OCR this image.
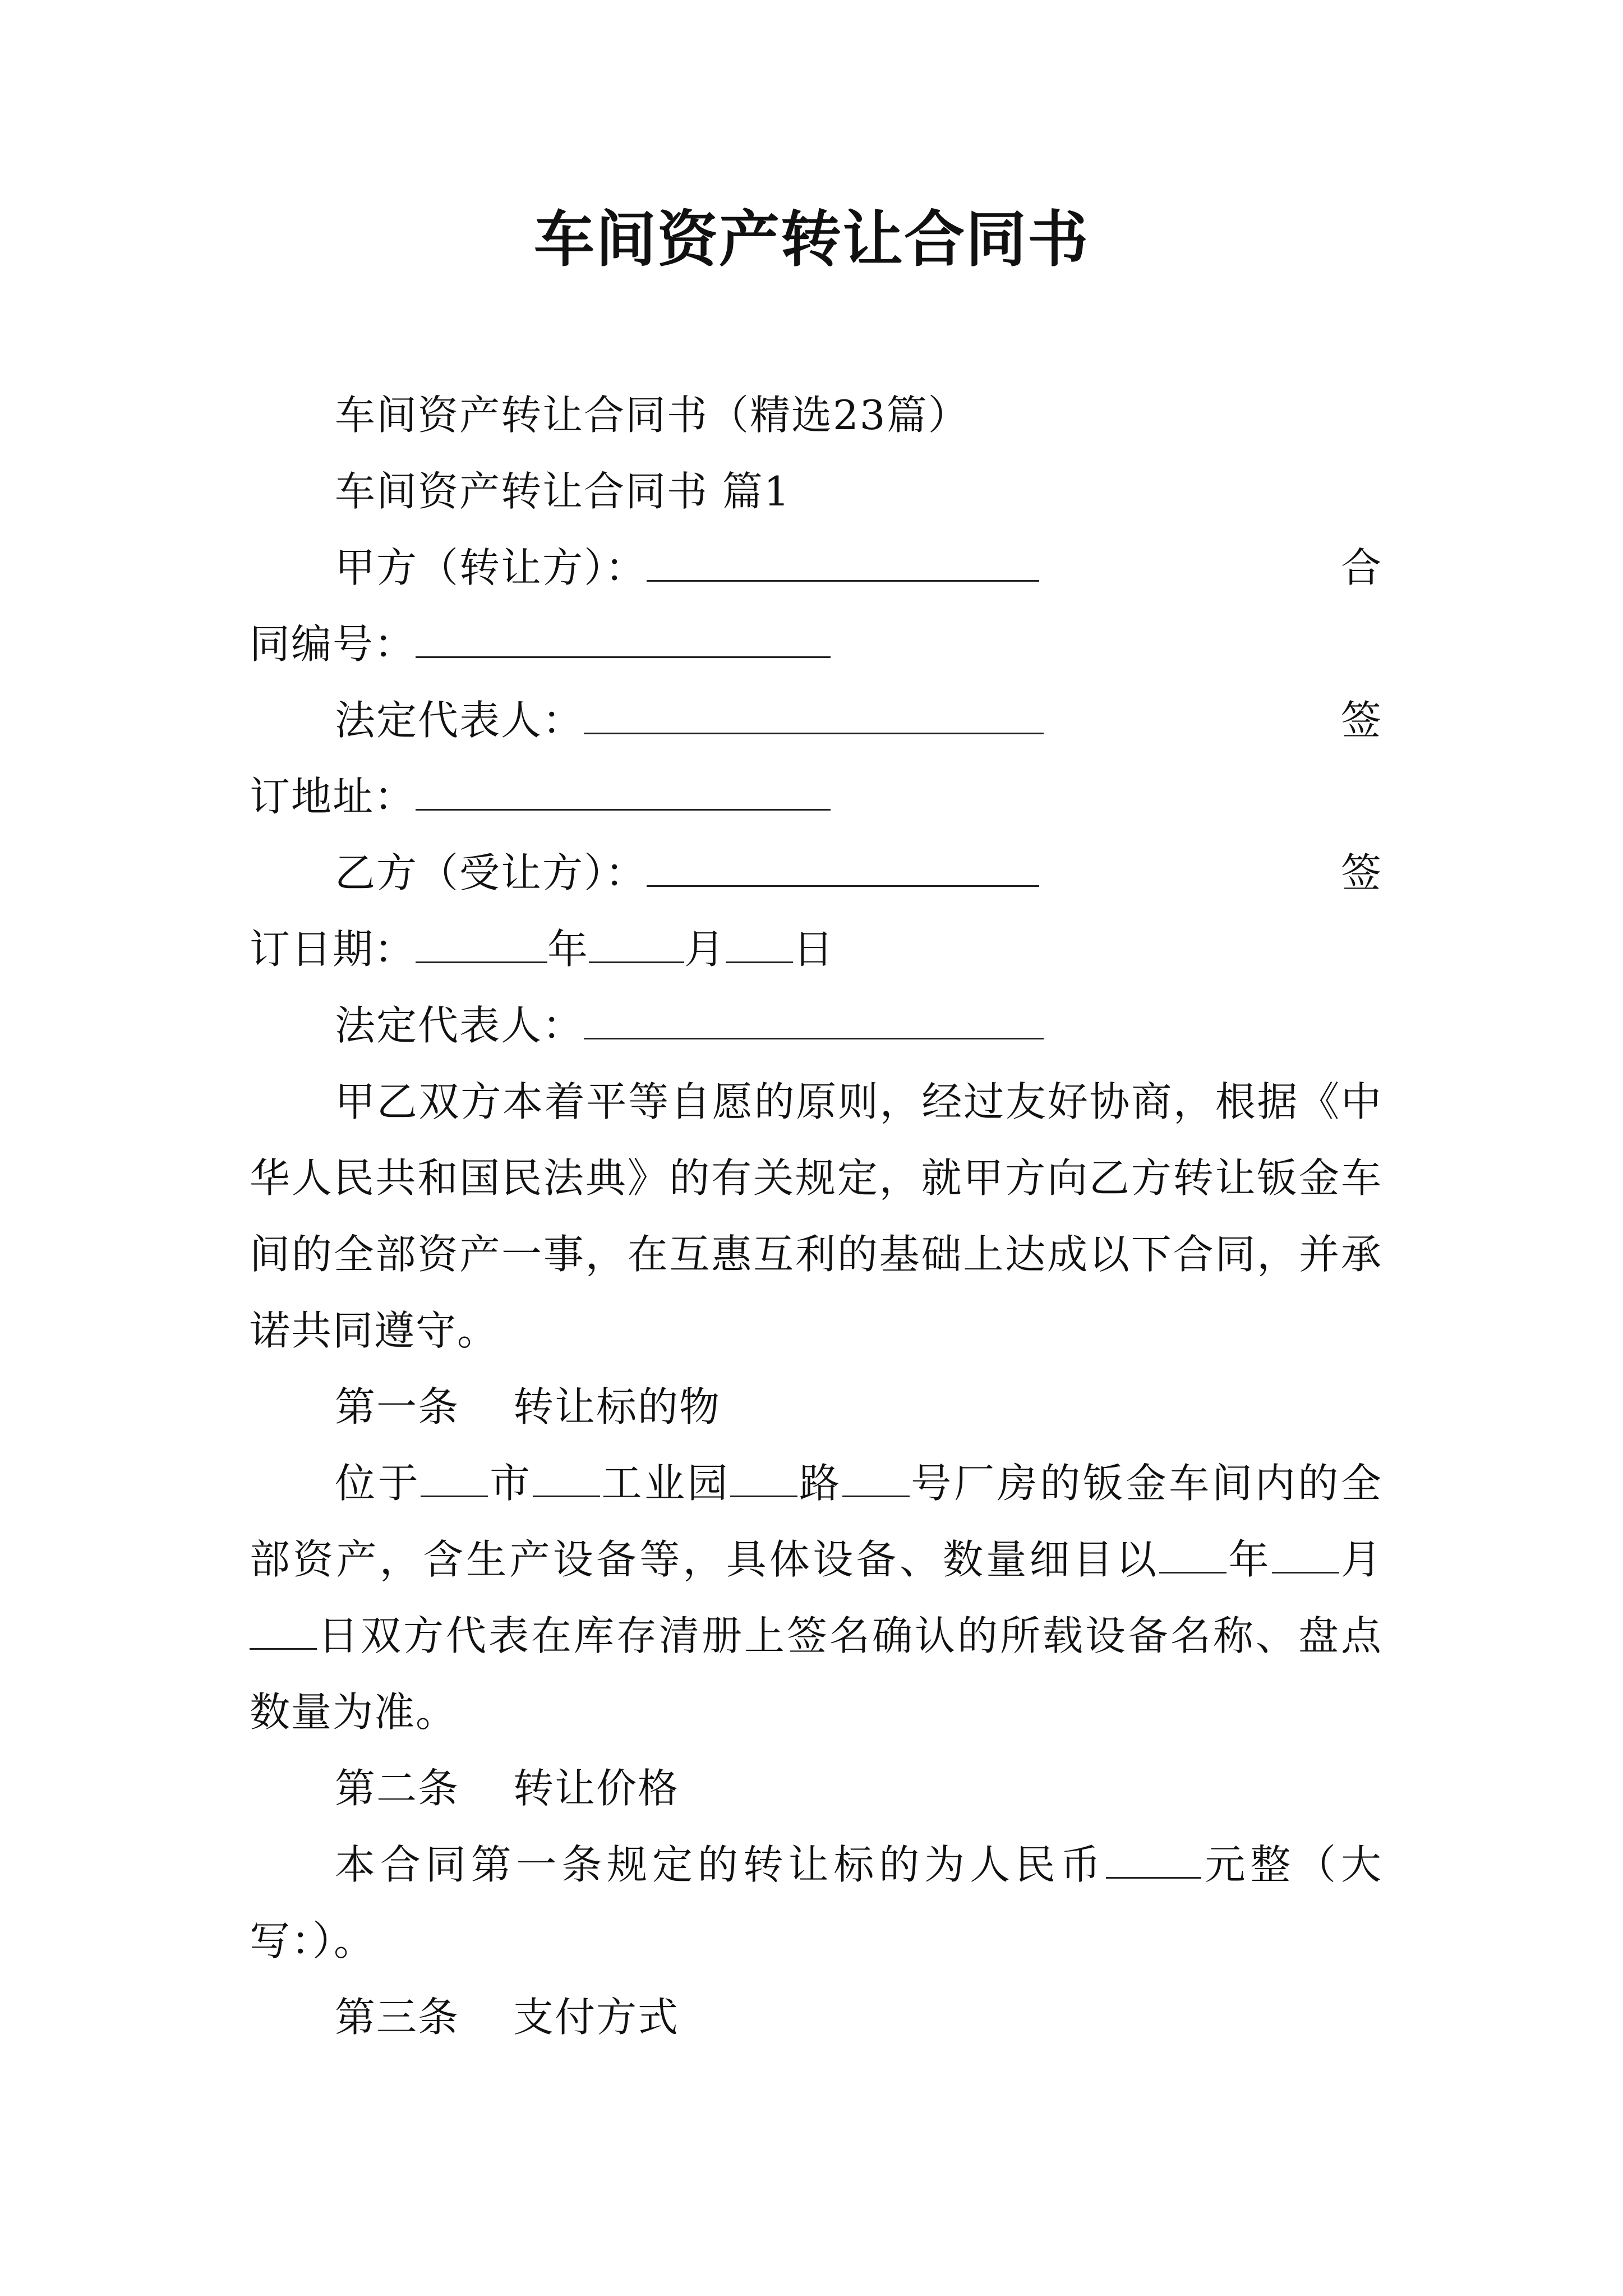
车间资产转让合同书
车间资产转让合同书（精选23篇）
车间资产转让合同书 篇1
甲方（转让方）：	合
同编号：
法定代表人：	签
订地址：
乙方（受让方）：	签
订日期：	年 月 日
法定代表人：

甲乙双方本着平等自愿的原则，经过友好协商，根据《中华人民共和国民法典》的有关规定，就甲方向乙方转让钣金车间的全部资产一事，在互惠互利的基础上达成以下合同，并承诺共同遵守。

第一条 转让标的物

位于 市 工业园 路 号厂房的钣金车间内的全部资产，含生产设备等，具体设备、数量细目以 年 月日双方代表在库存清册上签名确认的所载设备名称、盘点数量为准。

第二条 转让价格

本合同第一条规定的转让标的为人民币 元整（大写：）。

第三条 支付方式
